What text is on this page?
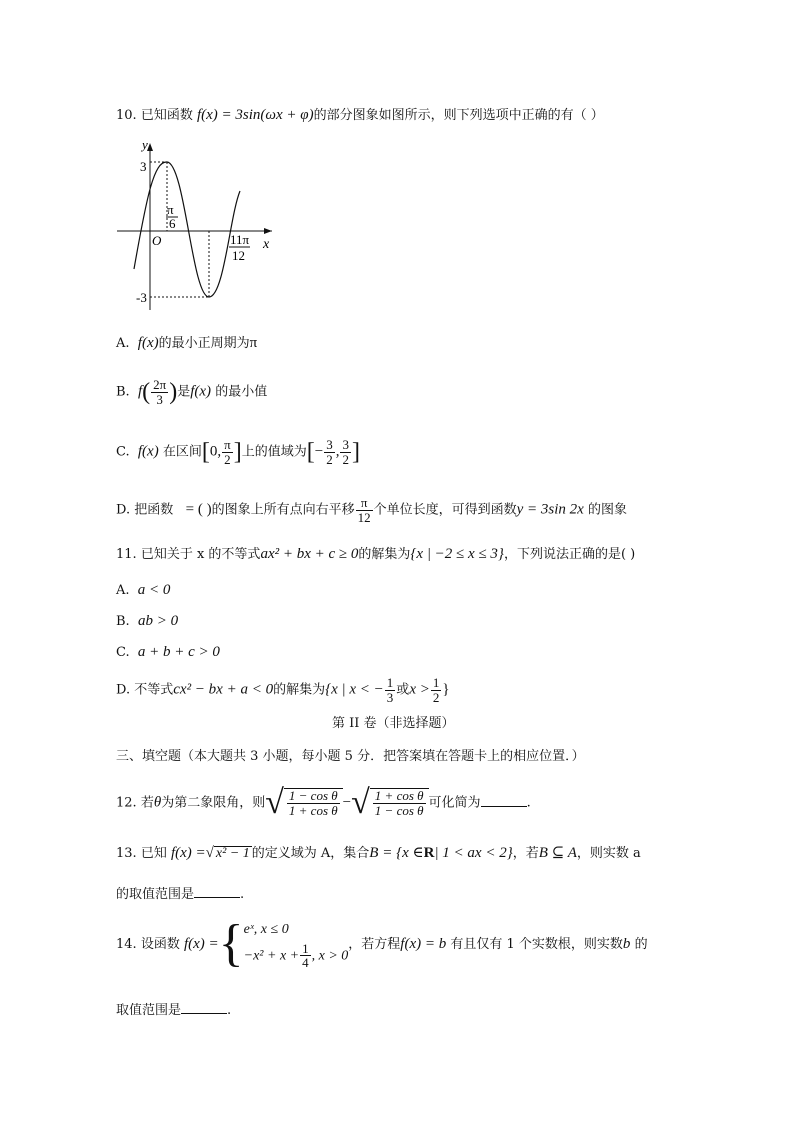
10. 已知函数 f(x) = 3sin(ωx + φ)的部分图象如图所示，则下列选项中正确的有（ ）
y
x
O
3
-3
π
6
11π
12
A. f(x)的最小正周期为π
B. $f( \frac{2\pi}{3}$ )是f(x) 的最小值
C. f(x) 在区间[0, $\frac{\pi}{2}$ ]上的值域为[− $\frac{3}{2}$ , $\frac{3}{2}$ ]
D. 把函数 = ( )的图象上所有点向右平移 $\frac{\pi}{12}$ 个单位长度，可得到函数y = 3sin 2x 的图象
11. 已知关于 x 的不等式ax² + bx + c ≥ 0的解集为{x | −2 ≤ x ≤ 3}，下列说法正确的是( )
A. a < 0
B. ab > 0
C. a + b + c > 0
D. 不等式cx² − bx + a < 0的解集为{x | x < − $\frac{1}{3}$ 或$x > \frac{1}{2}$ }
第 II 卷（非选择题）
三、填空题（本大题共 3 小题，每小题 5 分．把答案填在答题卡上的相应位置．）
12. 若θ为第二象限角，则√ $\frac{\text{1 − cos θ}}{\text{1 + cos θ}}$ −√ $\frac{\text{1 + cos θ}}{\text{1 − cos θ}}$ 可化简为	.
13. 已知 f(x) =√ x² − 1 的定义域为 A，集合B = {x ∈R| 1 < ax < 2}，若B ⊆ A，则实数 a
的取值范围是	.
14. 设函数 f(x) ={eˣ, x ≤ 0
$-x^2 + x + \frac{1}{4}$ , x > 0，若方程f(x) = b 有且仅有 1 个实数根，则实数b 的
取值范围是	.
